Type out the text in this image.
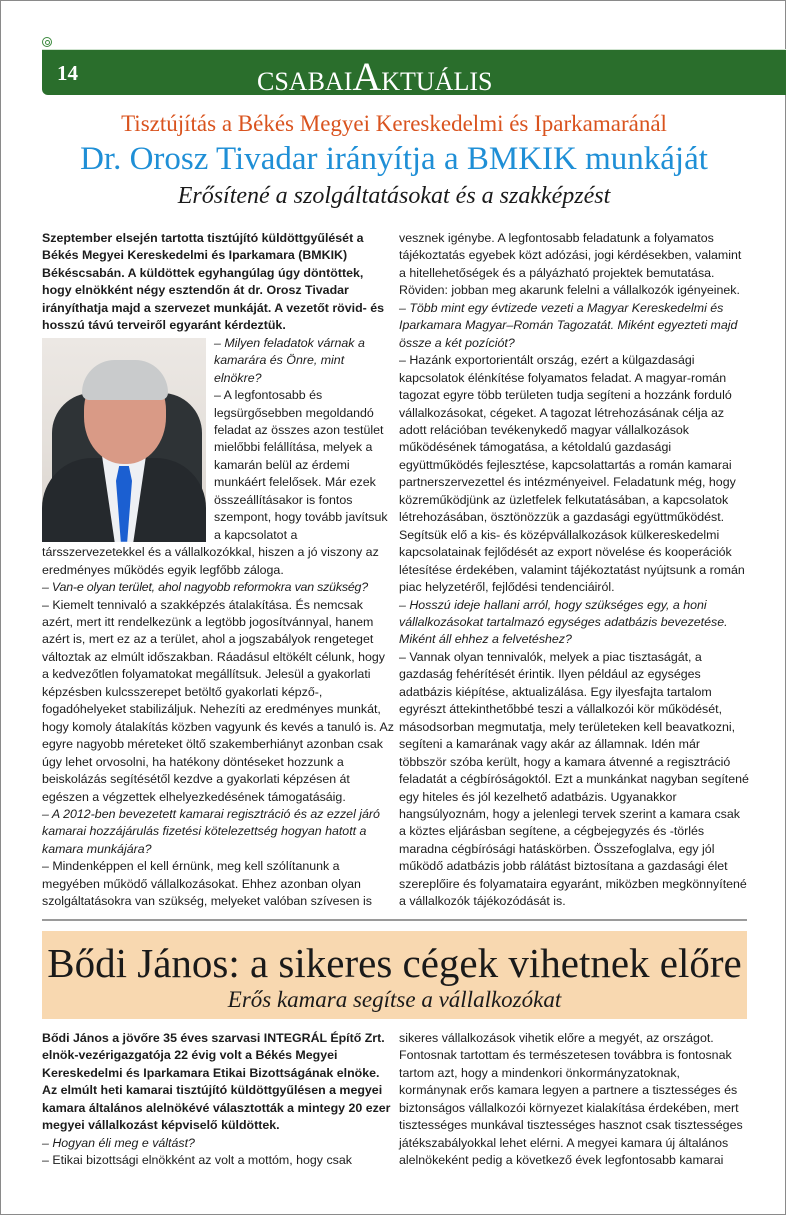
14	CSABAIAKTUÁLIS
Tisztújítás a Békés Megyei Kereskedelmi és Iparkamaránál
Dr. Orosz Tivadar irányítja a BMKIK munkáját
Erősítené a szolgáltatásokat és a szakképzést

Szeptember elsején tartotta tisztújító küldöttgyűlését a Békés Megyei Kereskedelmi és Iparkamara (BMKIK) Békéscsabán. A küldöttek egyhangúlag úgy döntöttek, hogy elnökként négy esztendőn át dr. Orosz Tivadar irányíthatja majd a szervezet munkáját. A vezetőt rövid- és hosszú távú terveiről egyaránt kérdeztük.

– Milyen feladatok várnak a kamarára és Önre, mint elnökre?

– A legfontosabb és legsürgősebben megoldandó feladat az összes azon testület mielőbbi felállítása, melyek a kamarán belül az érdemi munkáért felelősek. Már ezek összeállításakor is fontos szempont, hogy tovább javítsuk a kapcsolatot a társszervezetekkel és a vállalkozókkal, hiszen a jó viszony az eredményes működés egyik legfőbb záloga.

– Van-e olyan terület, ahol nagyobb reformokra van szükség?

– Kiemelt tennivaló a szakképzés átalakítása. És nemcsak azért, mert itt rendelkezünk a legtöbb jogosítvánnyal, hanem azért is, mert ez az a terület, ahol a jogszabályok rengeteget változtak az elmúlt időszakban. Ráadásul eltökélt célunk, hogy a kedvezőtlen folyamatokat megállítsuk. Jelesül a gyakorlati képzésben kulcsszerepet betöltő gyakorlati képző-, fogadóhelyeket stabilizáljuk. Nehezíti az eredményes munkát, hogy komoly átalakítás közben vagyunk és kevés a tanuló is. Az egyre nagyobb méreteket öltő szakemberhiányt azonban csak úgy lehet orvosolni, ha hatékony döntéseket hozzunk a beiskolázás segítésétől kezdve a gyakorlati képzésen át egészen a végzettek elhelyezkedésének támogatásáig.

– A 2012-ben bevezetett kamarai regisztráció és az ezzel járó kamarai hozzájárulás fizetési kötelezettség hogyan hatott a kamara munkájára?

– Mindenképpen el kell érnünk, meg kell szólítanunk a megyében működő vállalkozásokat. Ehhez azonban olyan szolgáltatásokra van szükség, melyeket valóban szívesen is

vesznek igénybe. A legfontosabb feladatunk a folyamatos tájékoztatás egyebek közt adózási, jogi kérdésekben, valamint a hitellehetőségek és a pályázható projektek bemutatása. Röviden: jobban meg akarunk felelni a vállalkozók igényeinek.

– Több mint egy évtizede vezeti a Magyar Kereskedelmi és Iparkamara Magyar–Román Tagozatát. Miként egyezteti majd össze a két pozíciót?

– Hazánk exportorientált ország, ezért a külgazdasági kapcsolatok élénkítése folyamatos feladat. A magyar-román tagozat egyre több területen tudja segíteni a hozzánk forduló vállalkozásokat, cégeket. A tagozat létrehozásának célja az adott relációban tevékenykedő magyar vállalkozások működésének támogatása, a kétoldalú gazdasági együttműködés fejlesztése, kapcsolattartás a román kamarai partnerszervezettel és intézményeivel. Feladatunk még, hogy közreműködjünk az üzletfelek felkutatásában, a kapcsolatok létrehozásában, ösztönözzük a gazdasági együttműködést. Segítsük elő a kis- és középvállalkozások külkereskedelmi kapcsolatainak fejlődését az export növelése és kooperációk létesítése érdekében, valamint tájékoztatást nyújtsunk a román piac helyzetéről, fejlődési tendenciáiról.

– Hosszú ideje hallani arról, hogy szükséges egy, a honi vállalkozásokat tartalmazó egységes adatbázis bevezetése. Miként áll ehhez a felvetéshez?

– Vannak olyan tennivalók, melyek a piac tisztaságát, a gazdaság fehérítését érintik. Ilyen például az egységes adatbázis kiépítése, aktualizálása. Egy ilyesfajta tartalom egyrészt áttekinthetőbbé teszi a vállalkozói kör működését, másodsorban megmutatja, mely területeken kell beavatkozni, segíteni a kamarának vagy akár az államnak. Idén már többször szóba került, hogy a kamara átvenné a regisztráció feladatát a cégbíróságoktól. Ezt a munkánkat nagyban segítené egy hiteles és jól kezelhető adatbázis. Ugyanakkor hangsúlyoznám, hogy a jelenlegi tervek szerint a kamara csak a köztes eljárásban segítene, a cégbejegyzés és -törlés maradna cégbírósági hatáskörben. Összefoglalva, egy jól működő adatbázis jobb rálátást biztosítana a gazdasági élet szereplőire és folyamataira egyaránt, miközben megkönnyítené a vállalkozók tájékozódását is.

Bődi János: a sikeres cégek vihetnek előre
Erős kamara segítse a vállalkozókat

Bődi János a jövőre 35 éves szarvasi INTEGRÁL Építő Zrt. elnök-vezérigazgatója 22 évig volt a Békés Megyei Kereskedelmi és Iparkamara Etikai Bizottságának elnöke. Az elmúlt heti kamarai tisztújító küldöttgyűlésen a megyei kamara általános alelnökévé választották a mintegy 20 ezer megyei vállalkozást képviselő küldöttek.

– Hogyan éli meg e váltást?

– Etikai bizottsági elnökként az volt a mottóm, hogy csak

sikeres vállalkozások vihetik előre a megyét, az országot. Fontosnak tartottam és természetesen továbbra is fontosnak tartom azt, hogy a mindenkori önkormányzatoknak, kormánynak erős kamara legyen a partnere a tisztességes és biztonságos vállalkozói környezet kialakítása érdekében, mert tisztességes munkával tisztességes hasznot csak tisztességes játékszabályokkal lehet elérni. A megyei kamara új általános alelnökeként pedig a következő évek legfontosabb kamarai
